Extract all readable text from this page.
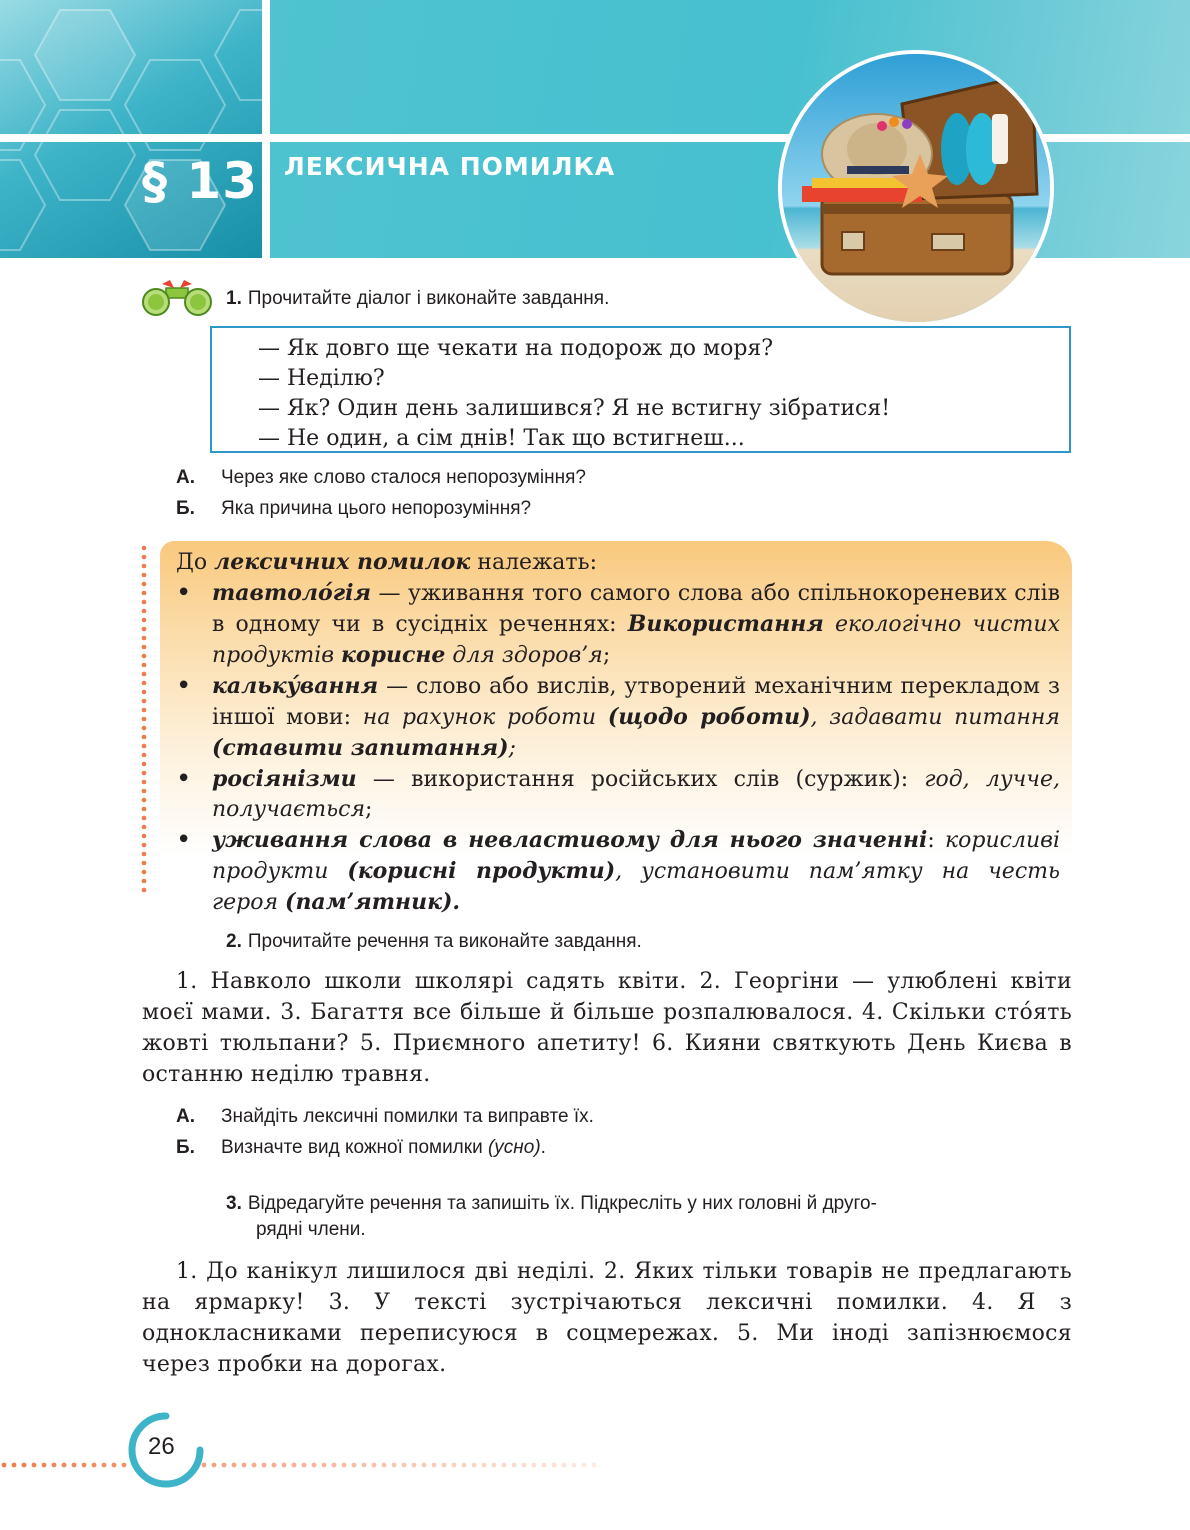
§ 13 ЛЕКСИЧНА ПОМИЛКА
1. Прочитайте діалог і виконайте завдання.

— Як довго ще чекати на подорож до моря?

— Неділю?

— Як? Один день залишився? Я не встигну зібратися!

— Не один, а сім днів! Так що встигнеш...

А. Через яке слово сталося непорозуміння?
Б. Яка причина цього непорозуміння?
До лексичних помилок належать:
• тавтоло́гія — уживання того самого слова або спільнокореневих слів в одному чи в сусідніх реченнях: Використання екологічно чистих продуктів корисне для здоров’я;
• кальку́вання — слово або вислів, утворений механічним перекладом з іншої мови: на рахунок роботи (щодо роботи), задавати питання (ставити запитання);
• росіянізми — використання російських слів (суржик): год, лучче, получається;
• уживання слова в невластивому для нього значенні: корисливі продукти (корисні продукти), установити пам’ятку на честь героя (пам’ятник).
2. Прочитайте речення та виконайте завдання.
1. Навколо школи школярі садять квіти. 2. Георгіни — улюблені квіти моєї мами. 3. Багаття все більше й більше розпалювалося. 4. Скільки сто́ять жовті тюльпани? 5. Приємного апетиту! 6. Кияни святкують День Києва в останню неділю травня.
А. Знайдіть лексичні помилки та виправте їх.
Б. Визначте вид кожної помилки (усно).
3. Відредагуйте речення та запишіть їх. Підкресліть у них головні й друго-
рядні члени.
1. До канікул лишилося дві неділі. 2. Яких тільки товарів не предлагають на ярмарку! 3. У тексті зустрічаються лексичні помилки. 4. Я з однокласниками переписуюся в соцмережах. 5. Ми іноді запізнюємося через пробки на дорогах.
26
